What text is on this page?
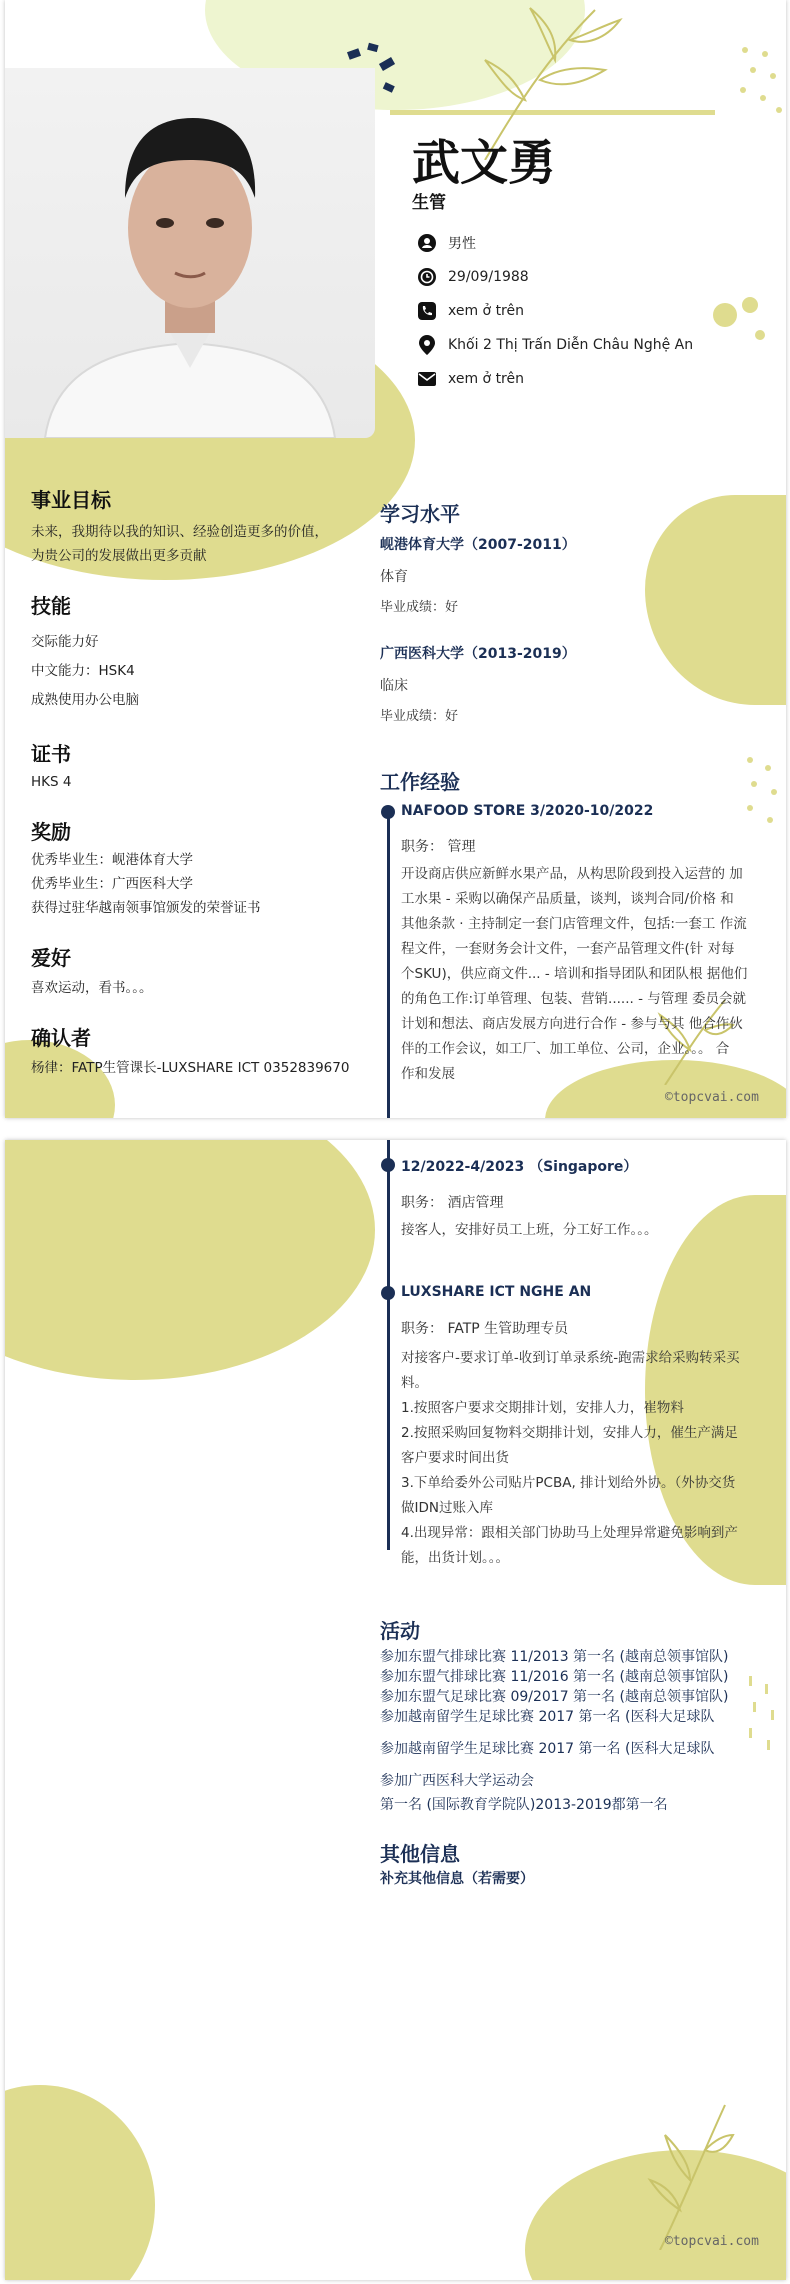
武文勇
生管
男性
29/09/1988
xem ở trên
Khối 2 Thị Trấn Diễn Châu Nghệ An
xem ở trên
事业目标
未来，我期待以我的知识、经验创造更多的价值，
为贵公司的发展做出更多贡献
技能
交际能力好
中文能力：HSK4
成熟使用办公电脑
证书
HKS 4
奖励
优秀毕业生：岘港体育大学
优秀毕业生：广西医科大学
获得过驻华越南领事馆颁发的荣誉证书
爱好
喜欢运动，看书。。。
确认者
杨律：FATP生管课长-LUXSHARE ICT 0352839670
学习水平
岘港体育大学（2007-2011）
体育
毕业成绩：好
广西医科大学（2013-2019）
临床
毕业成绩：好
工作经验
NAFOOD STORE 3/2020-10/2022
职务： 管理
开设商店供应新鲜水果产品，从构思阶段到投入运营的 加
工水果 - 采购以确保产品质量，谈判，谈判合同/价格 和
其他条款 · 主持制定一套门店管理文件，包括:一套工 作流
程文件，一套财务会计文件，一套产品管理文件(针 对每
个SKU)，供应商文件... - 培训和指导团队和团队根 据他们
的角色工作:订单管理、包装、营销...... - 与管理 委员会就
计划和想法、商店发展方向进行合作 - 参与与其 他合作伙
伴的工作会议，如工厂、加工单位、公司，企业。。。 合
作和发展
©topcvai.com
12/2022-4/2023 （Singapore）
职务： 酒店管理
接客人，安排好员工上班，分工好工作。。。
LUXSHARE ICT NGHE AN
职务： FATP 生管助理专员
对接客户-要求订单-收到订单录系统-跑需求给采购转采买
料。
1.按照客户要求交期排计划，安排人力，崔物料
2.按照采购回复物料交期排计划，安排人力，催生产满足
客户要求时间出货
3.下单给委外公司贴片PCBA, 排计划给外协。（外协交货
做IDN过账入库
4.出现异常：跟相关部门协助马上处理异常避免影响到产
能，出货计划。。。
活动
参加东盟气排球比赛 11/2013 第一名 (越南总领事馆队)
参加东盟气排球比赛 11/2016 第一名 (越南总领事馆队)
参加东盟气足球比赛 09/2017 第一名 (越南总领事馆队)
参加越南留学生足球比赛 2017 第一名 (医科大足球队
参加越南留学生足球比赛 2017 第一名 (医科大足球队
参加广西医科大学运动会
第一名 (国际教育学院队)2013-2019都第一名
其他信息
补充其他信息（若需要）
©topcvai.com
